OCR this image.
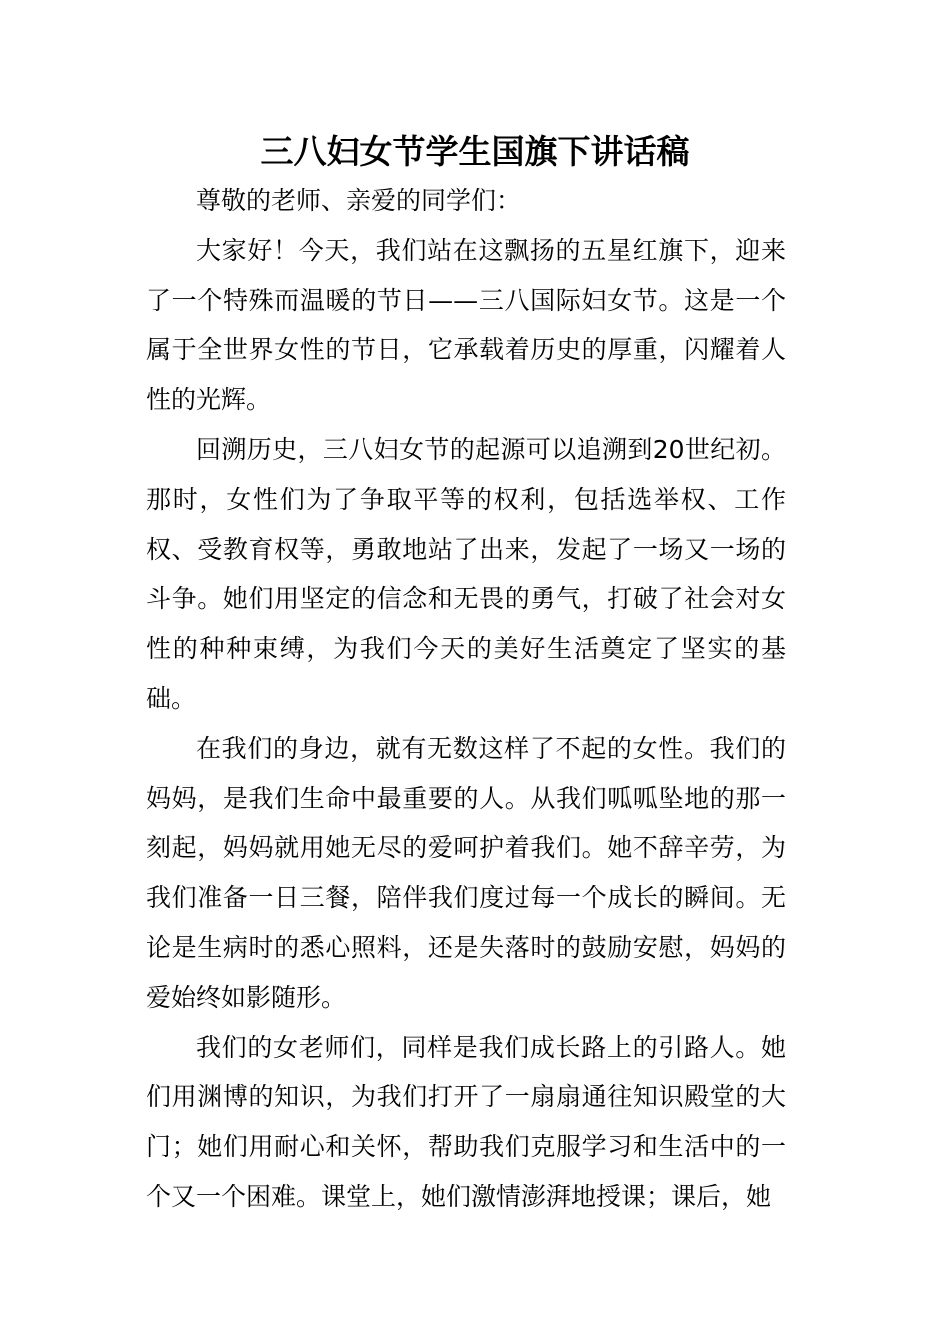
三八妇女节学生国旗下讲话稿

尊敬的老师、亲爱的同学们：

大家好！今天，我们站在这飘扬的五星红旗下，迎来了一个特殊而温暖的节日——三八国际妇女节。这是一个属于全世界女性的节日，它承载着历史的厚重，闪耀着人性的光辉。

回溯历史，三八妇女节的起源可以追溯到20世纪初。那时，女性们为了争取平等的权利，包括选举权、工作权、受教育权等，勇敢地站了出来，发起了一场又一场的斗争。她们用坚定的信念和无畏的勇气，打破了社会对女性的种种束缚，为我们今天的美好生活奠定了坚实的基础。

在我们的身边，就有无数这样了不起的女性。我们的妈妈，是我们生命中最重要的人。从我们呱呱坠地的那一刻起，妈妈就用她无尽的爱呵护着我们。她不辞辛劳，为我们准备一日三餐，陪伴我们度过每一个成长的瞬间。无论是生病时的悉心照料，还是失落时的鼓励安慰，妈妈的爱始终如影随形。

我们的女老师们，同样是我们成长路上的引路人。她们用渊博的知识，为我们打开了一扇扇通往知识殿堂的大门；她们用耐心和关怀，帮助我们克服学习和生活中的一个又一个困难。课堂上，她们激情澎湃地授课；课后，她
